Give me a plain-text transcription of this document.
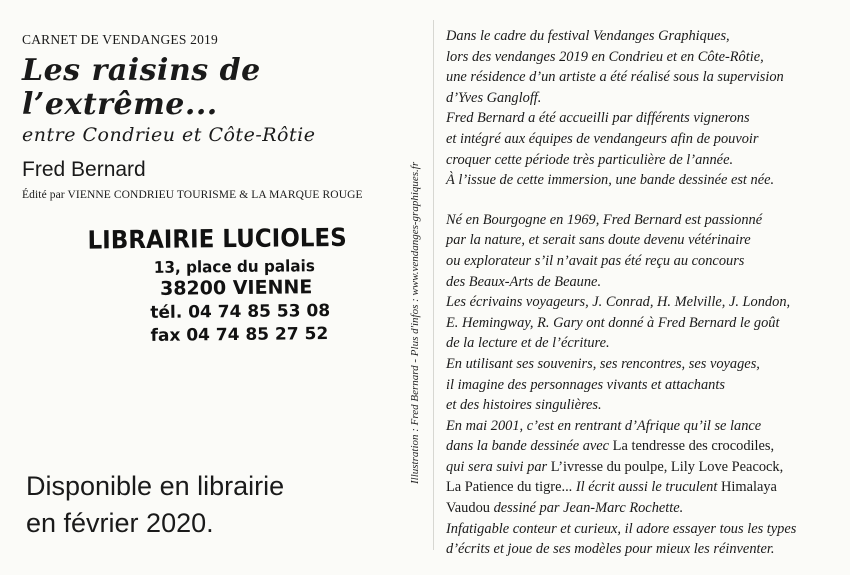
CARNET DE VENDANGES 2019
Les raisins de l’extrême...
entre Condrieu et Côte-Rôtie
Fred Bernard
Édité par VIENNE CONDRIEU TOURISME & LA MARQUE ROUGE
LIBRAIRIE LUCIOLES
13, place du palais
38200 VIENNE
tél. 04 74 85 53 08
fax 04 74 85 27 52
Disponible en librairie
en février 2020.
Illustration : Fred Bernard - Plus d'infos : www.vendanges-graphiques.fr

Dans le cadre du festival Vendanges Graphiques,

lors des vendanges 2019 en Condrieu et en Côte-Rôtie,

une résidence d’un artiste a été réalisé sous la supervision

d’Yves Gangloff.

Fred Bernard a été accueilli par différents vignerons

et intégré aux équipes de vendangeurs afin de pouvoir

croquer cette période très particulière de l’année.

À l’issue de cette immersion, une bande dessinée est née.

Né en Bourgogne en 1969, Fred Bernard est passionné

par la nature, et serait sans doute devenu vétérinaire

ou explorateur s’il n’avait pas été reçu au concours

des Beaux-Arts de Beaune.

Les écrivains voyageurs, J. Conrad, H. Melville, J. London,

E. Hemingway, R. Gary ont donné à Fred Bernard le goût

de la lecture et de l’écriture.

En utilisant ses souvenirs, ses rencontres, ses voyages,

il imagine des personnages vivants et attachants

et des histoires singulières.

En mai 2001, c’est en rentrant d’Afrique qu’il se lance

dans la bande dessinée avec La tendresse des crocodiles,

qui sera suivi par L’ivresse du poulpe, Lily Love Peacock,

La Patience du tigre... Il écrit aussi le truculent Himalaya

Vaudou dessiné par Jean-Marc Rochette.

Infatigable conteur et curieux, il adore essayer tous les types

d’écrits et joue de ses modèles pour mieux les réinventer.
